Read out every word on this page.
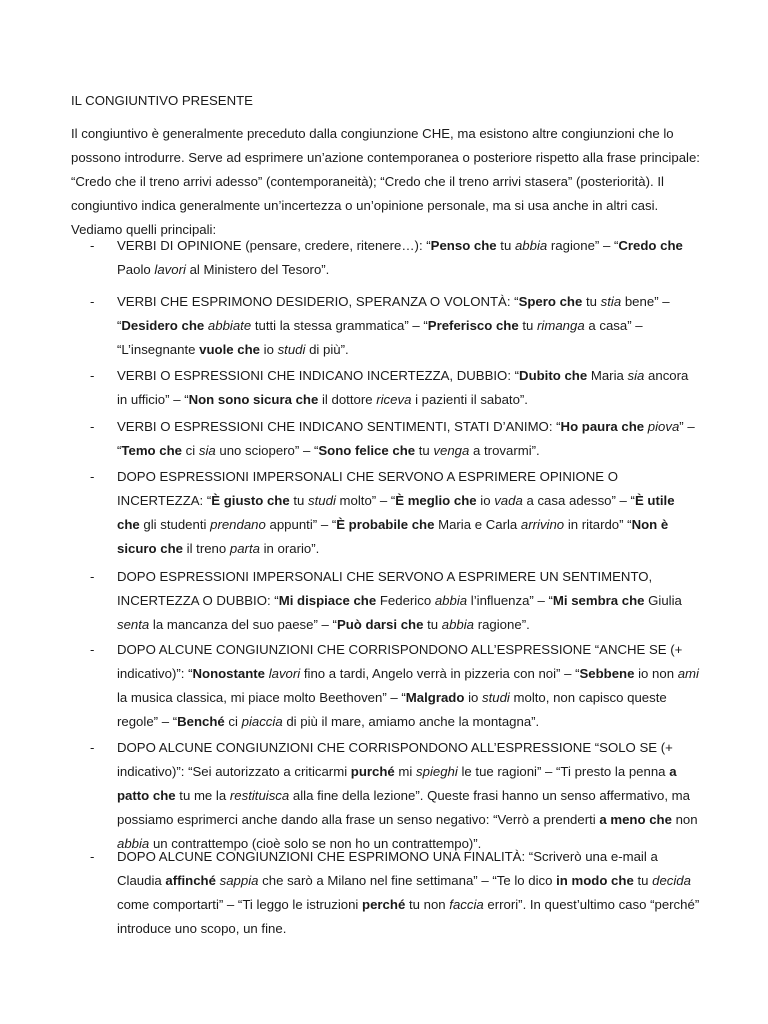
IL CONGIUNTIVO PRESENTE

Il congiuntivo è generalmente preceduto dalla congiunzione CHE, ma esistono altre congiunzioni che lo possono introdurre. Serve ad esprimere un’azione contemporanea o posteriore rispetto alla frase principale: “Credo che il treno arrivi adesso” (contemporaneità); “Credo che il treno arrivi stasera” (posteriorità). Il congiuntivo indica generalmente un’incertezza o un’opinione personale, ma si usa anche in altri casi. Vediamo quelli principali:

- VERBI DI OPINIONE (pensare, credere, ritenere…): “Penso che tu abbia ragione” – “Credo che Paolo lavori al Ministero del Tesoro”.

- VERBI CHE ESPRIMONO DESIDERIO, SPERANZA O VOLONTÀ: “Spero che tu stia bene” – “Desidero che abbiate tutti la stessa grammatica” – “Preferisco che tu rimanga a casa” – “L’insegnante vuole che io studi di più”.

- VERBI O ESPRESSIONI CHE INDICANO INCERTEZZA, DUBBIO: “Dubito che Maria sia ancora in ufficio” – “Non sono sicura che il dottore riceva i pazienti il sabato”.

- VERBI O ESPRESSIONI CHE INDICANO SENTIMENTI, STATI D’ANIMO: “Ho paura che piova” – “Temo che ci sia uno sciopero” – “Sono felice che tu venga a trovarmi”.

- DOPO ESPRESSIONI IMPERSONALI CHE SERVONO A ESPRIMERE OPINIONE O INCERTEZZA: “È giusto che tu studi molto” – “È meglio che io vada a casa adesso” – “È utile che gli studenti prendano appunti” – “È probabile che Maria e Carla arrivino in ritardo” “Non è sicuro che il treno parta in orario”.

- DOPO ESPRESSIONI IMPERSONALI CHE SERVONO A ESPRIMERE UN SENTIMENTO, INCERTEZZA O DUBBIO: “Mi dispiace che Federico abbia l’influenza” – “Mi sembra che Giulia senta la mancanza del suo paese” – “Può darsi che tu abbia ragione”.

- DOPO ALCUNE CONGIUNZIONI CHE CORRISPONDONO ALL’ESPRESSIONE “ANCHE SE (+ indicativo)”: “Nonostante lavori fino a tardi, Angelo verrà in pizzeria con noi” – “Sebbene io non ami la musica classica, mi piace molto Beethoven” – “Malgrado io studi molto, non capisco queste regole” – “Benché ci piaccia di più il mare, amiamo anche la montagna”.

- DOPO ALCUNE CONGIUNZIONI CHE CORRISPONDONO ALL’ESPRESSIONE “SOLO SE (+ indicativo)”: “Sei autorizzato a criticarmi purché mi spieghi le tue ragioni” – “Ti presto la penna a patto che tu me la restituisca alla fine della lezione”. Queste frasi hanno un senso affermativo, ma possiamo esprimerci anche dando alla frase un senso negativo: “Verrò a prenderti a meno che non abbia un contrattempo (cioè solo se non ho un contrattempo)”.

- DOPO ALCUNE CONGIUNZIONI CHE ESPRIMONO UNA FINALITÀ: “Scriverò una e-mail a Claudia affinché sappia che sarò a Milano nel fine settimana” – “Te lo dico in modo che tu decida come comportarti” – “Ti leggo le istruzioni perché tu non faccia errori”. In quest’ultimo caso “perché” introduce uno scopo, un fine.
